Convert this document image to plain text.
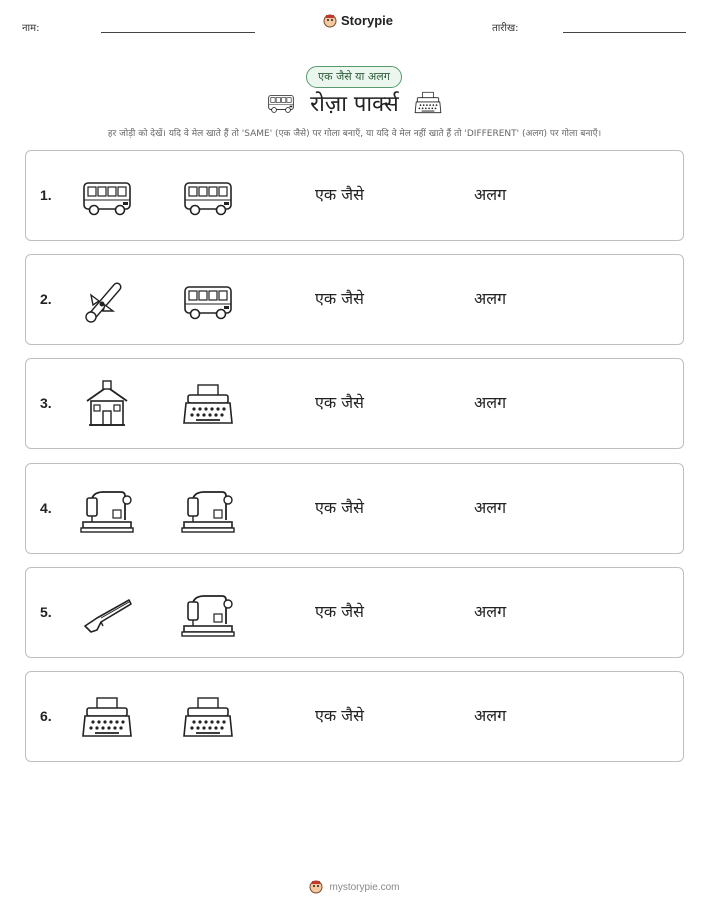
नाम:
Storypie
तारीख:
एक जैसे या अलग
रोज़ा पार्क्स
हर जोड़ी को देखें। यदि वे मेल खाते हैं तो 'SAME' (एक जैसे) पर गोला बनाएँ, या यदि वे मेल नहीं खाते हैं तो 'DIFFERENT' (अलग) पर गोला बनाएँ।
1.	एक जैसे	अलग
2.	एक जैसे	अलग
3.	एक जैसे	अलग
4.	एक जैसे	अलग
5.	एक जैसे	अलग
6.	एक जैसे	अलग
mystorypie.com
